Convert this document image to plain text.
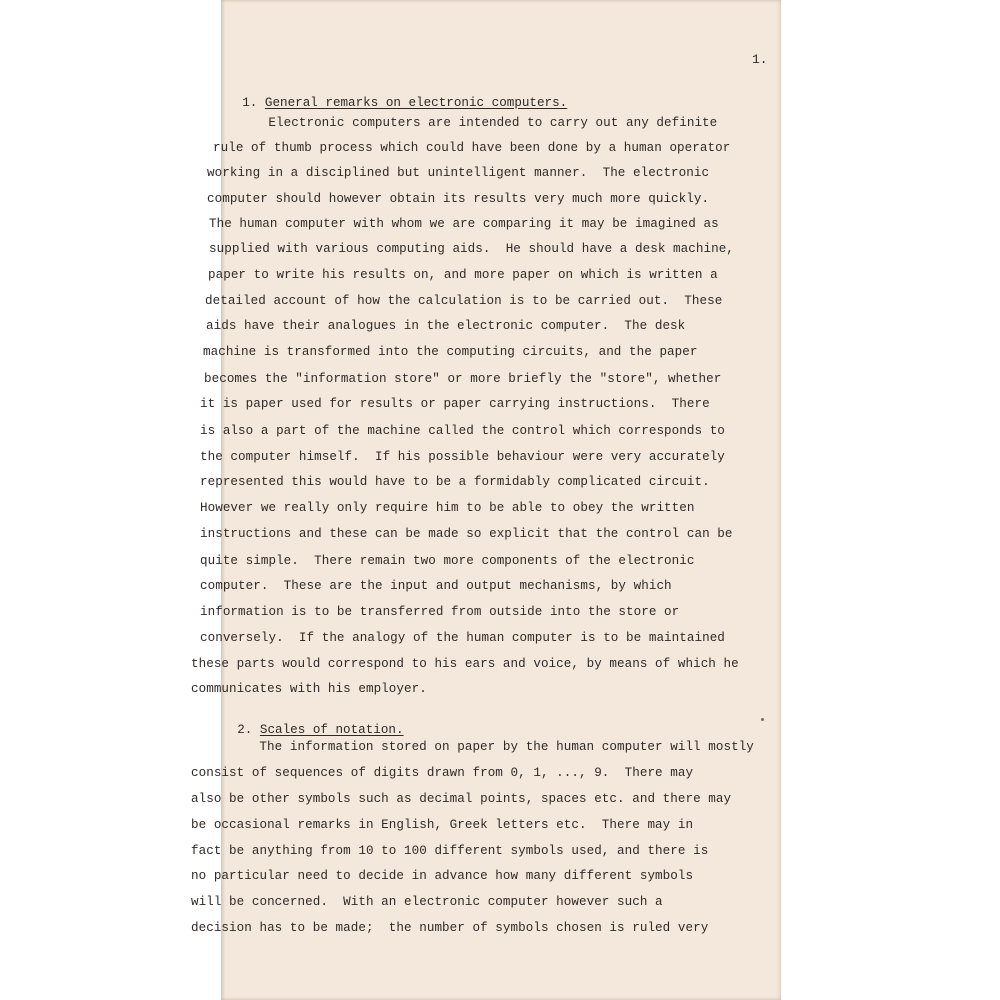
1.

1. General remarks on electronic computers.

Electronic computers are intended to carry out any definite
rule of thumb process which could have been done by a human operator
working in a disciplined but unintelligent manner.  The electronic
computer should however obtain its results very much more quickly.
The human computer with whom we are comparing it may be imagined as
supplied with various computing aids.  He should have a desk machine,
paper to write his results on, and more paper on which is written a
detailed account of how the calculation is to be carried out.  These
aids have their analogues in the electronic computer.  The desk
machine is transformed into the computing circuits, and the paper
becomes the "information store" or more briefly the "store", whether
it is paper used for results or paper carrying instructions.  There
is also a part of the machine called the control which corresponds to
the computer himself.  If his possible behaviour were very accurately
represented this would have to be a formidably complicated circuit.
However we really only require him to be able to obey the written
instructions and these can be made so explicit that the control can be
quite simple.  There remain two more components of the electronic
computer.  These are the input and output mechanisms, by which
information is to be transferred from outside into the store or
conversely.  If the analogy of the human computer is to be maintained
these parts would correspond to his ears and voice, by means of which he
communicates with his employer.

2. Scales of notation.

The information stored on paper by the human computer will mostly
consist of sequences of digits drawn from 0, 1, ..., 9.  There may
also be other symbols such as decimal points, spaces etc. and there may
be occasional remarks in English, Greek letters etc.  There may in
fact be anything from 10 to 100 different symbols used, and there is
no particular need to decide in advance how many different symbols
will be concerned.  With an electronic computer however such a
decision has to be made;  the number of symbols chosen is ruled very
